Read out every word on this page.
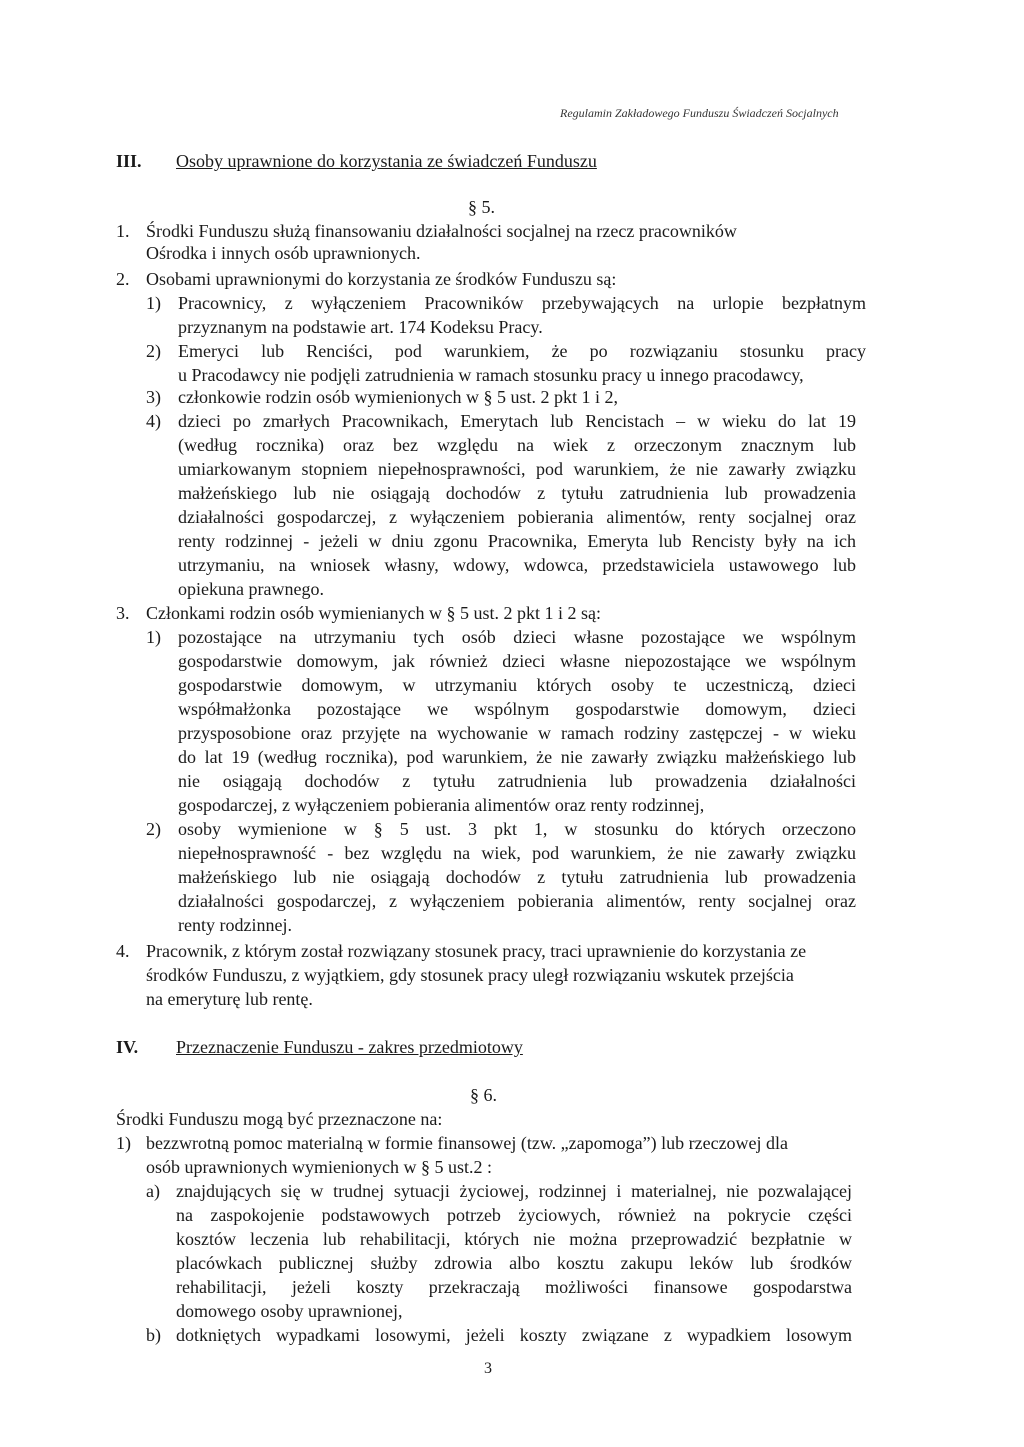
Regulamin Zakładowego Funduszu Świadczeń Socjalnych
III. Osoby uprawnione do korzystania ze świadczeń Funduszu
§ 5.
1. Środki Funduszu służą finansowaniu działalności socjalnej na rzecz pracowników
Ośrodka i innych osób uprawnionych.
2. Osobami uprawnionymi do korzystania ze środków Funduszu są:
1) Pracownicy, z wyłączeniem Pracowników przebywających na urlopie bezpłatnym
przyznanym na podstawie art. 174 Kodeksu Pracy.
2) Emeryci lub Renciści, pod warunkiem, że po rozwiązaniu stosunku pracy
u Pracodawcy nie podjęli zatrudnienia w ramach stosunku pracy u innego pracodawcy,
3) członkowie rodzin osób wymienionych w § 5 ust. 2 pkt 1 i 2,
4) dzieci po zmarłych Pracownikach, Emerytach lub Rencistach – w wieku do lat 19
(według rocznika) oraz bez względu na wiek z orzeczonym znacznym lub
umiarkowanym stopniem niepełnosprawności, pod warunkiem, że nie zawarły związku
małżeńskiego lub nie osiągają dochodów z tytułu zatrudnienia lub prowadzenia
działalności gospodarczej, z wyłączeniem pobierania alimentów, renty socjalnej oraz
renty rodzinnej - jeżeli w dniu zgonu Pracownika, Emeryta lub Rencisty były na ich
utrzymaniu, na wniosek własny, wdowy, wdowca, przedstawiciela ustawowego lub
opiekuna prawnego.
3. Członkami rodzin osób wymienianych w § 5 ust. 2 pkt 1 i 2 są:
1) pozostające na utrzymaniu tych osób dzieci własne pozostające we wspólnym
gospodarstwie domowym, jak również dzieci własne niepozostające we wspólnym
gospodarstwie domowym, w utrzymaniu których osoby te uczestniczą, dzieci
współmałżonka pozostające we wspólnym gospodarstwie domowym, dzieci
przysposobione oraz przyjęte na wychowanie w ramach rodziny zastępczej - w wieku
do lat 19 (według rocznika), pod warunkiem, że nie zawarły związku małżeńskiego lub
nie osiągają dochodów z tytułu zatrudnienia lub prowadzenia działalności
gospodarczej, z wyłączeniem pobierania alimentów oraz renty rodzinnej,
2) osoby wymienione w § 5 ust. 3 pkt 1, w stosunku do których orzeczono
niepełnosprawność - bez względu na wiek, pod warunkiem, że nie zawarły związku
małżeńskiego lub nie osiągają dochodów z tytułu zatrudnienia lub prowadzenia
działalności gospodarczej, z wyłączeniem pobierania alimentów, renty socjalnej oraz
renty rodzinnej.
4. Pracownik, z którym został rozwiązany stosunek pracy, traci uprawnienie do korzystania ze
środków Funduszu, z wyjątkiem, gdy stosunek pracy uległ rozwiązaniu wskutek przejścia
na emeryturę lub rentę.
IV. Przeznaczenie Funduszu - zakres przedmiotowy
§ 6.
Środki Funduszu mogą być przeznaczone na:
1) bezzwrotną pomoc materialną w formie finansowej (tzw. „zapomoga”) lub rzeczowej dla
osób uprawnionych wymienionych w § 5 ust.2 :
a) znajdujących się w trudnej sytuacji życiowej, rodzinnej i materialnej, nie pozwalającej
na zaspokojenie podstawowych potrzeb życiowych, również na pokrycie części
kosztów leczenia lub rehabilitacji, których nie można przeprowadzić bezpłatnie w
placówkach publicznej służby zdrowia albo kosztu zakupu leków lub środków
rehabilitacji, jeżeli koszty przekraczają możliwości finansowe gospodarstwa
domowego osoby uprawnionej,
b) dotkniętych wypadkami losowymi, jeżeli koszty związane z wypadkiem losowym
3
